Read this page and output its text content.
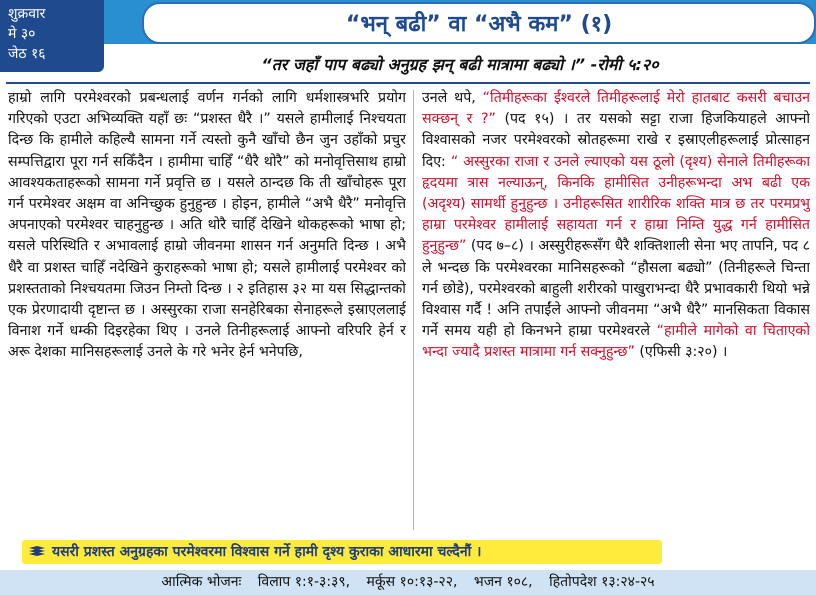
शुक्रवार
मे ३०
जेठ १६
“भन् बढी” वा “अभै कम” (१)
“तर जहाँ पाप बढ्यो अनुग्रह झन् बढी मात्रामा बढ्यो ।” -रोमी ५:२०

हाम्रो लागि परमेश्वरको प्रबन्धलाई वर्णन गर्नको लागि धर्मशास्त्रभरि प्रयोग गरिएको एउटा अभिव्यक्ति यहाँ छः “प्रशस्त धैरै ।” यसले हामीलाई निश्चयता दिन्छ कि हामीले कहिल्यै सामना गर्ने त्यस्तो कुनै खाँचो छैन जुन उहाँको प्रचुर सम्पत्तिद्वारा पूरा गर्न सकिँदैन । हामीमा चाहिँ “धैरै थोरै” को मनोवृत्तिसाथ हाम्रो आवश्यकताहरूको सामना गर्ने प्रवृत्ति छ । यसले ठान्दछ कि ती खाँचोहरू पूरा गर्न परमेश्वर अक्षम वा अनिच्छुक हुनुहुन्छ । होइन, हामीले “अभै धैरै” मनोवृत्ति अपनाएको परमेश्वर चाहनुहुन्छ । अति थोरै चाहिँ देखिने थोकहरूको भाषा हो; यसले परिस्थिति र अभावलाई हाम्रो जीवनमा शासन गर्न अनुमति दिन्छ । अभै धैरै वा प्रशस्त चाहिँ नदेखिने कुराहरूको भाषा हो; यसले हामीलाई परमेश्वर को प्रशस्तताको निश्चयतमा जिउन निम्तो दिन्छ । २ इतिहास ३२ मा यस सिद्धान्तको एक प्रेरणादायी दृष्टान्त छ । अस्सुरका राजा सनहेरिबका सेनाहरूले इस्राएललाई विनाश गर्ने धम्की दिइरहेका थिए । उनले तिनीहरूलाई आफ्नो वरिपरि हेर्न र अरू देशका मानिसहरूलाई उनले के गरे भनेर हेर्न भनेपछि,

उनले थपे, “तिमीहरूका ईश्वरले तिमीहरूलाई मेरो हातबाट कसरी बचाउन सक्छन् र ?” (पद १५) । तर यसको सट्टा राजा हिजकियाहले आफ्नो विश्वासको नजर परमेश्वरको स्रोतहरूमा राखे र इस्राएलीहरूलाई प्रोत्साहन दिए: “ अस्सुरका राजा र उनले ल्याएको यस ठूलो (दृश्य) सेनाले तिमीहरूका हृदयमा त्रास नल्याऊन्, किनकि हामीसित उनीहरूभन्दा अभ बढी एक (अदृश्य) सामर्थी हुनुहुन्छ । उनीहरूसित शारीरिक शक्ति मात्र छ तर परमप्रभु हाम्रा परमेश्वर हामीलाई सहायता गर्न र हाम्रा निम्ति युद्ध गर्न हामीसित हुनुहुन्छ” (पद ७–८) । अस्सुरीहरूसँग धैरै शक्तिशाली सेना भए तापनि, पद ८ ले भन्दछ कि परमेश्वरका मानिसहरूको “हौसला बढ्यो” (तिनीहरूले चिन्ता गर्न छोडे), परमेश्वरको बाहुली शरीरको पाखुराभन्दा धैरै प्रभावकारी थियो भन्ने विश्वास गर्दै ! अनि तपाईंले आफ्नो जीवनमा “अभै धैरै” मानसिकता विकास गर्ने समय यही हो किनभने हाम्रा परमेश्वरले “हामीले मागेको वा चिताएको भन्दा ज्यादै प्रशस्त मात्रामा गर्न सक्नुहुन्छ” (एफिसी ३:२०) ।

यसरी प्रशस्त अनुग्रहका परमेश्वरमा विश्वास गर्ने हामी दृश्य कुराका आधारमा चल्दैनौं ।
आत्मिक भोजनः विलाप १:१-३:३९, मर्कूस १०:१३-२२, भजन १०८, हितोपदेश १३:२४-२५
